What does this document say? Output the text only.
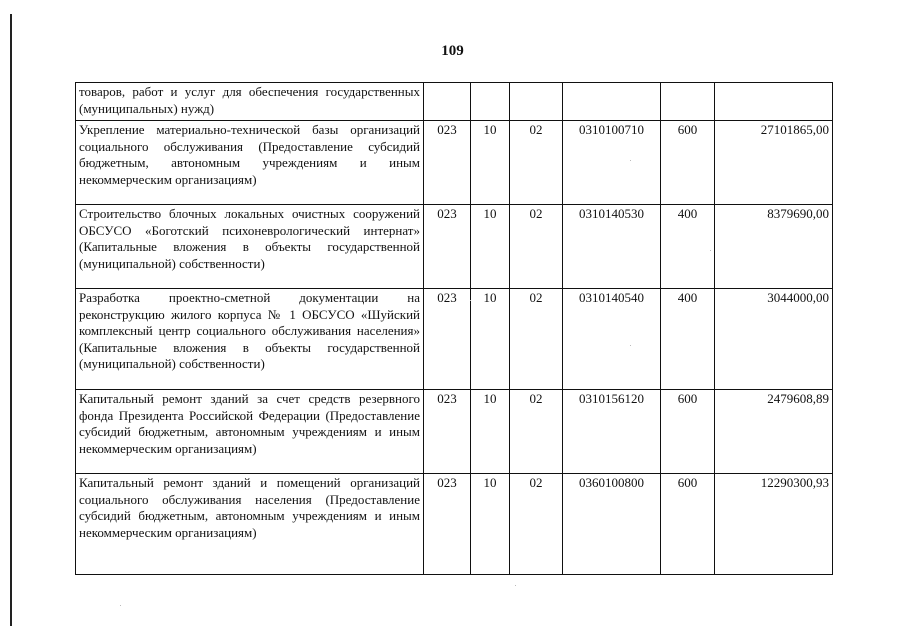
109
товаров, работ и услуг для обеспечения государственных (муниципальных) нужд)						
Укрепление материально-технической базы организаций социального обслуживания (Предоставление субсидий бюджетным, автономным учреждениям и иным некоммерческим организациям)	023	10	02	0310100710	600	27101865,00
Строительство блочных локальных очистных сооружений ОБСУСО «Боготский психоневрологический интернат» (Капитальные вложения в объекты государственной (муниципальной) собственности)	023	10	02	0310140530	400	8379690,00
Разработка проектно-сметной документации на реконструкцию жилого корпуса № 1 ОБСУСО «Шуйский комплексный центр социального обслуживания населения» (Капитальные вложения в объекты государственной (муниципальной) собственности)	023	10	02	0310140540	400	3044000,00
Капитальный ремонт зданий за счет средств резервного фонда Президента Российской Федерации (Предоставление субсидий бюджетным, автономным учреждениям и иным некоммерческим организациям)	023	10	02	0310156120	600	2479608,89
Капитальный ремонт зданий и помещений организаций социального обслуживания населения (Предоставление субсидий бюджетным, автономным учреждениям и иным некоммерческим организациям)	023	10	02	0360100800	600	12290300,93
